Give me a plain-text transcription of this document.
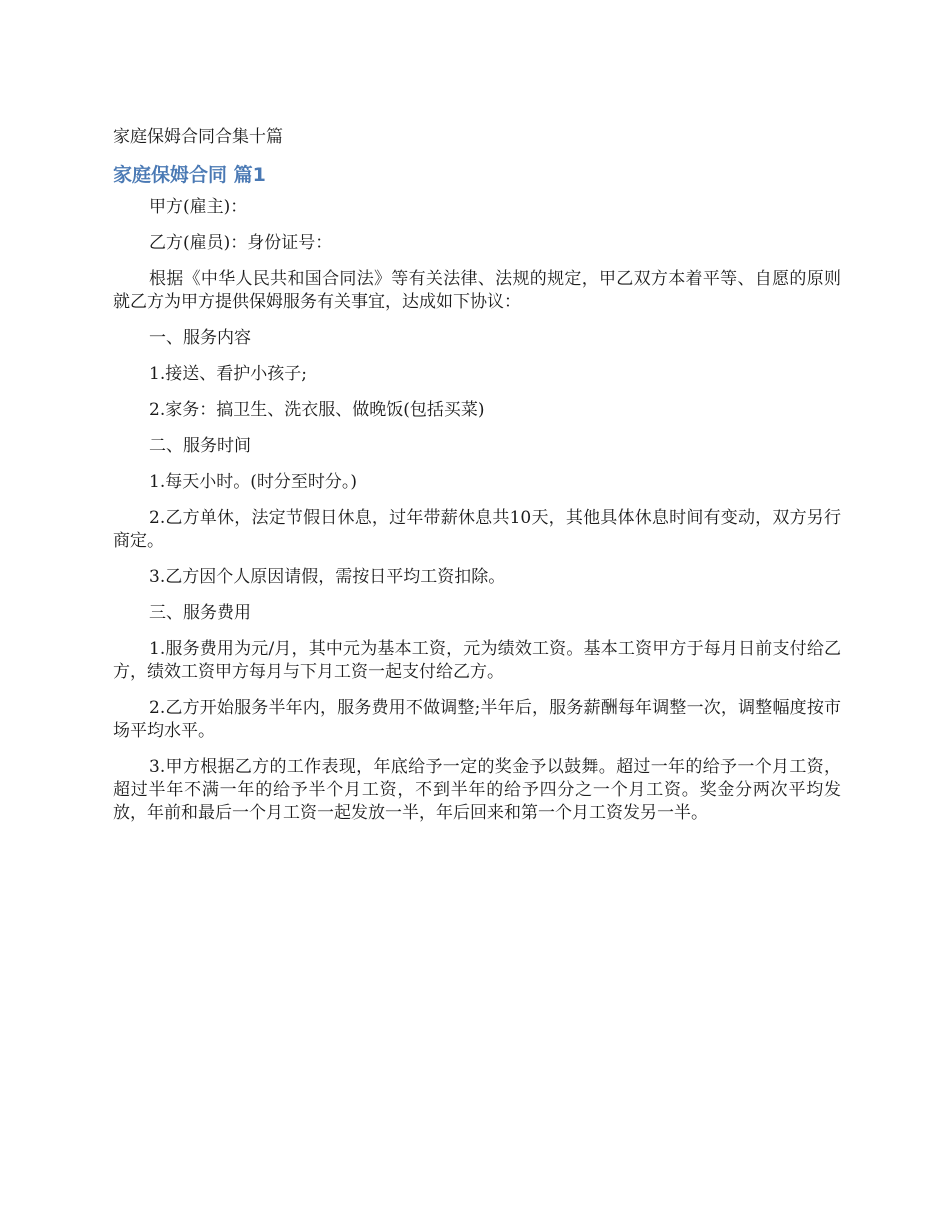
家庭保姆合同合集十篇

家庭保姆合同 篇1

甲方(雇主)：

乙方(雇员)：身份证号：

根据《中华人民共和国合同法》等有关法律、法规的规定，甲乙双方本着平等、自愿的原则就乙方为甲方提供保姆服务有关事宜，达成如下协议：

一、服务内容

1.接送、看护小孩子;

2.家务：搞卫生、洗衣服、做晚饭(包括买菜)

二、服务时间

1.每天小时。(时分至时分。)

2.乙方单休，法定节假日休息，过年带薪休息共10天，其他具体休息时间有变动，双方另行商定。

3.乙方因个人原因请假，需按日平均工资扣除。

三、服务费用

1.服务费用为元/月，其中元为基本工资，元为绩效工资。基本工资甲方于每月日前支付给乙方，绩效工资甲方每月与下月工资一起支付给乙方。

2.乙方开始服务半年内，服务费用不做调整;半年后，服务薪酬每年调整一次，调整幅度按市场平均水平。

3.甲方根据乙方的工作表现，年底给予一定的奖金予以鼓舞。超过一年的给予一个月工资，超过半年不满一年的给予半个月工资，不到半年的给予四分之一个月工资。奖金分两次平均发放，年前和最后一个月工资一起发放一半，年后回来和第一个月工资发另一半。
